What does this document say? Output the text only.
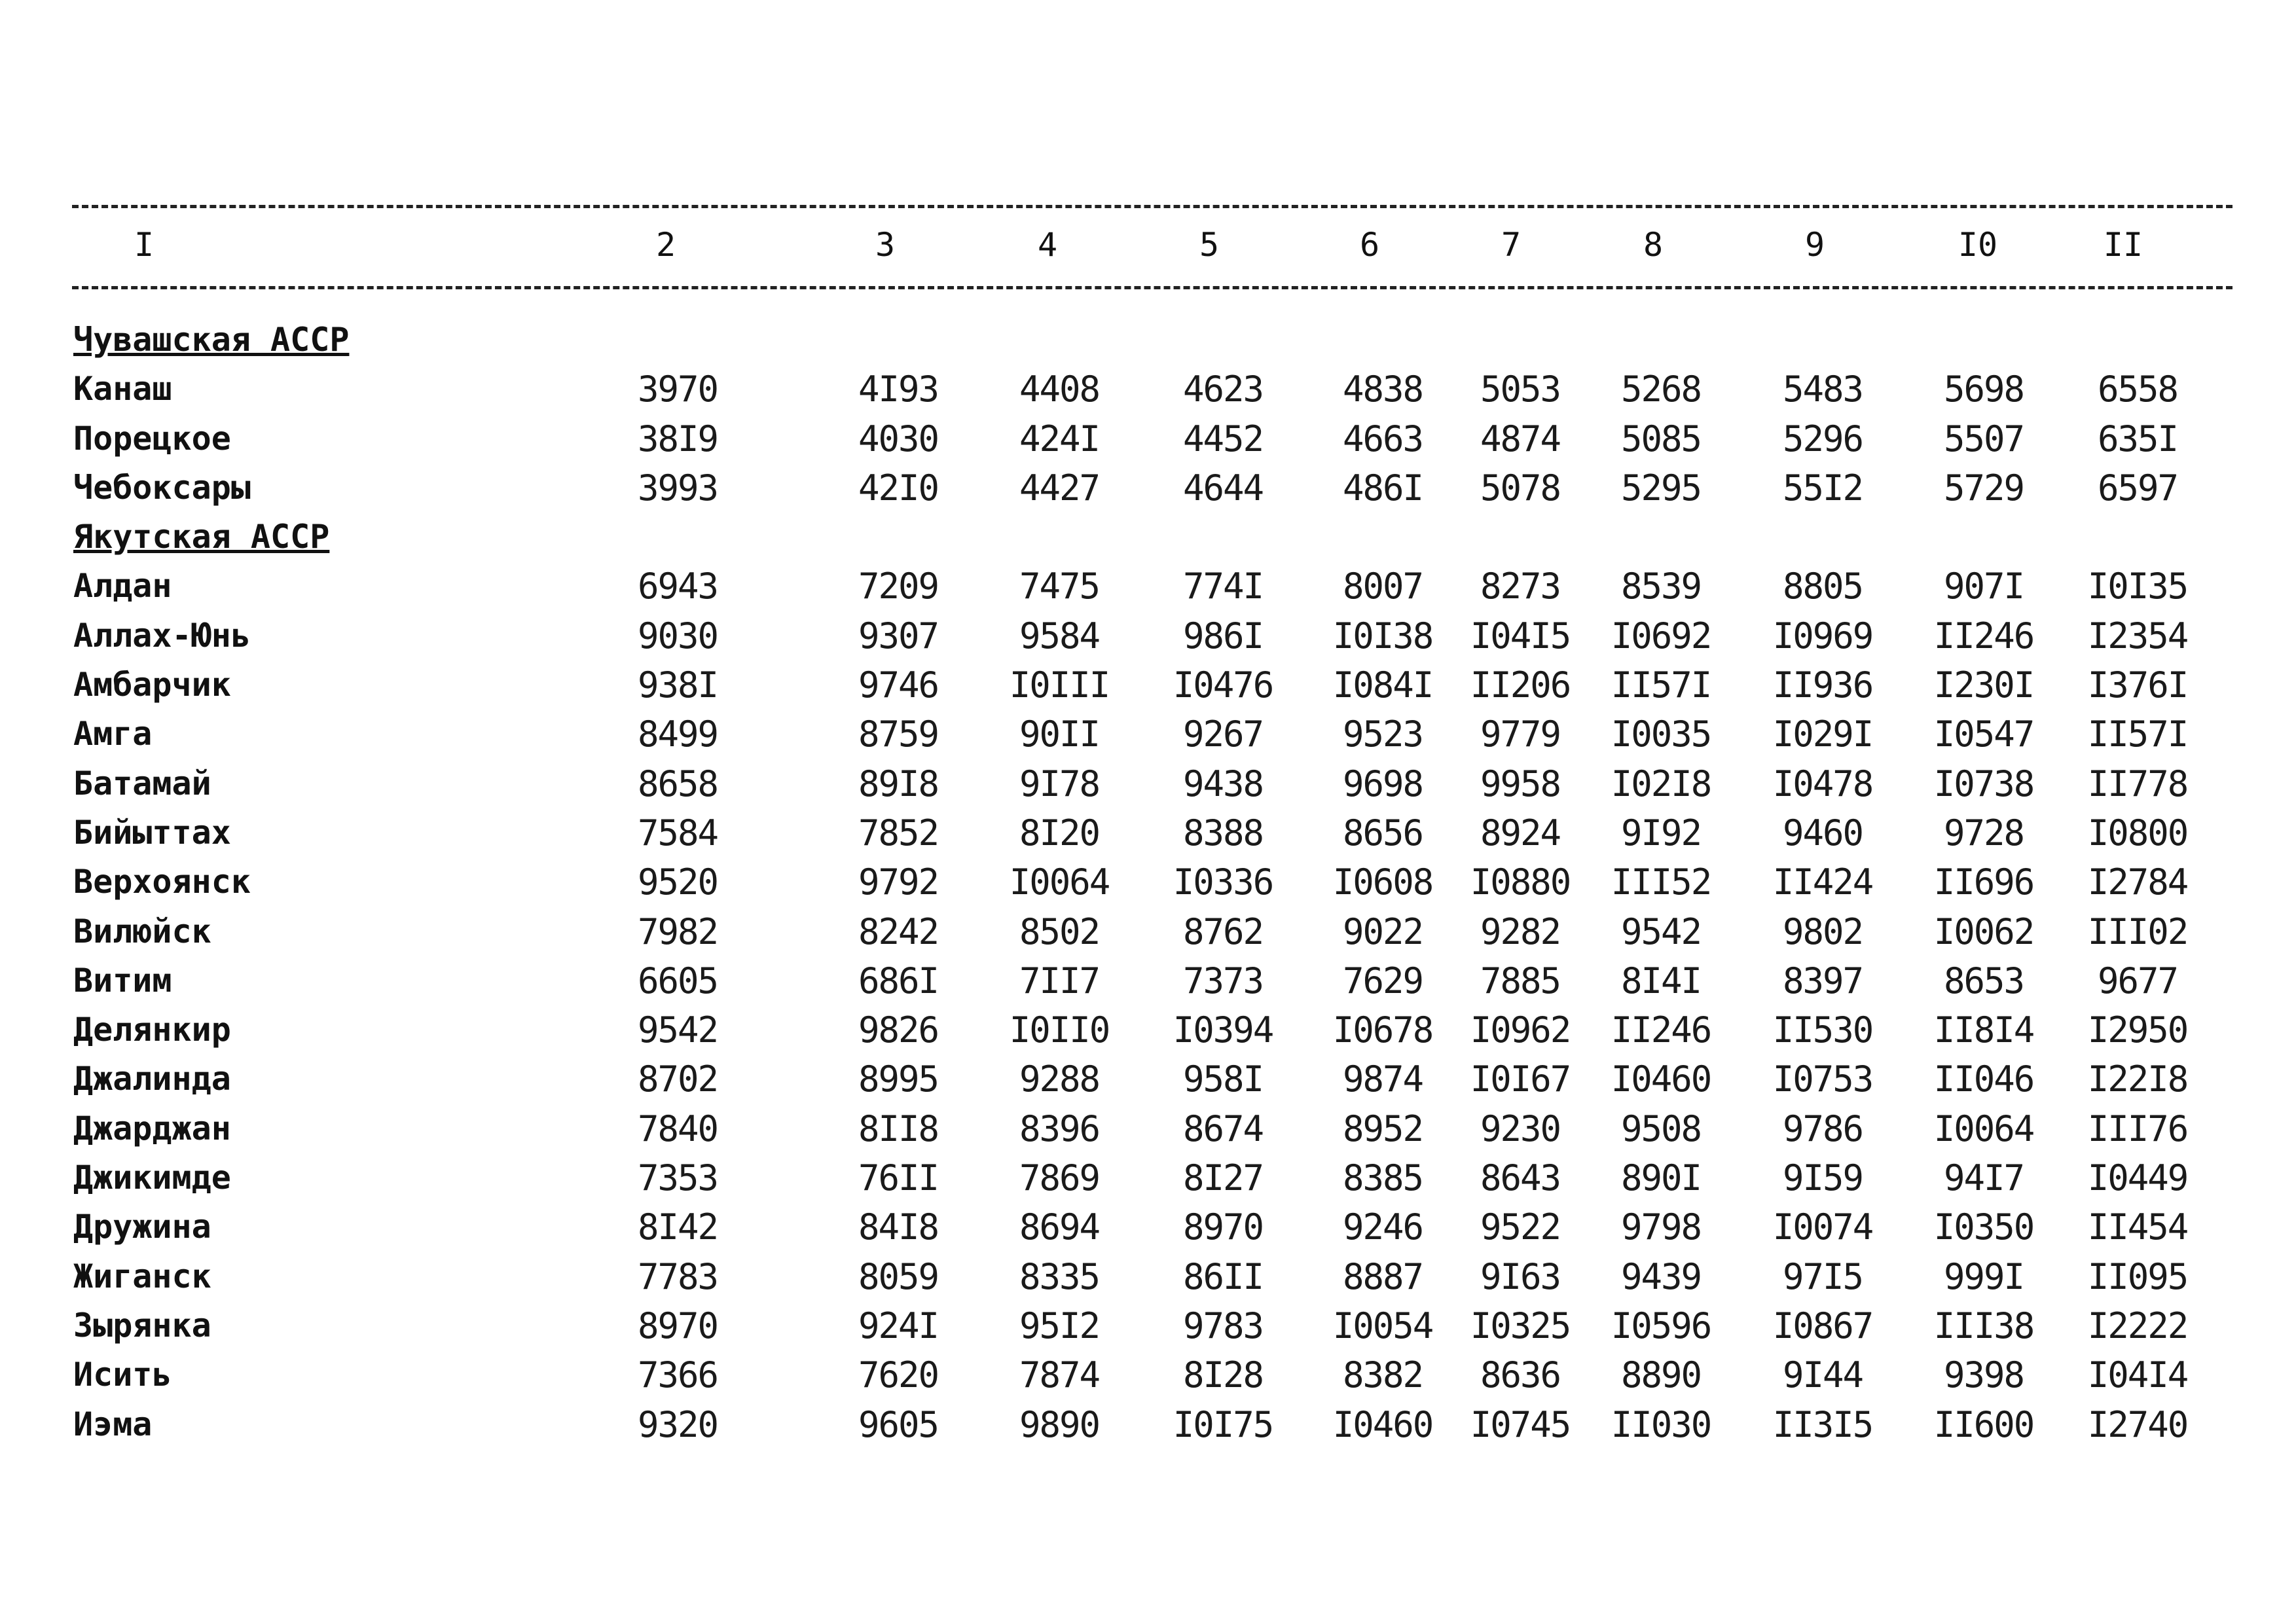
I	2	3	4	5	6	7	8	9	I0	II
Чувашская АССР
Канаш	3970	4I93	4408	4623	4838	5053	5268	5483	5698	6558
Порецкое	38I9	4030	424I	4452	4663	4874	5085	5296	5507	635I
Чебоксары	3993	42I0	4427	4644	486I	5078	5295	55I2	5729	6597
Якутская АССР
Алдан	6943	7209	7475	774I	8007	8273	8539	8805	907I	I0I35
Аллах-Юнь	9030	9307	9584	986I	I0I38	I04I5	I0692	I0969	II246	I2354
Амбарчик	938I	9746	I0III	I0476	I084I	II206	II57I	II936	I230I	I376I
Амга	8499	8759	90II	9267	9523	9779	I0035	I029I	I0547	II57I
Батамай	8658	89I8	9I78	9438	9698	9958	I02I8	I0478	I0738	II778
Бийыттах	7584	7852	8I20	8388	8656	8924	9I92	9460	9728	I0800
Верхоянск	9520	9792	I0064	I0336	I0608	I0880	III52	II424	II696	I2784
Вилюйск	7982	8242	8502	8762	9022	9282	9542	9802	I0062	III02
Витим	6605	686I	7II7	7373	7629	7885	8I4I	8397	8653	9677
Делянкир	9542	9826	I0II0	I0394	I0678	I0962	II246	II530	II8I4	I2950
Джалинда	8702	8995	9288	958I	9874	I0I67	I0460	I0753	II046	I22I8
Джарджан	7840	8II8	8396	8674	8952	9230	9508	9786	I0064	III76
Джикимде	7353	76II	7869	8I27	8385	8643	890I	9I59	94I7	I0449
Дружина	8I42	84I8	8694	8970	9246	9522	9798	I0074	I0350	II454
Жиганск	7783	8059	8335	86II	8887	9I63	9439	97I5	999I	II095
Зырянка	8970	924I	95I2	9783	I0054	I0325	I0596	I0867	III38	I2222
Исить	7366	7620	7874	8I28	8382	8636	8890	9I44	9398	I04I4
Иэма	9320	9605	9890	I0I75	I0460	I0745	II030	II3I5	II600	I2740
